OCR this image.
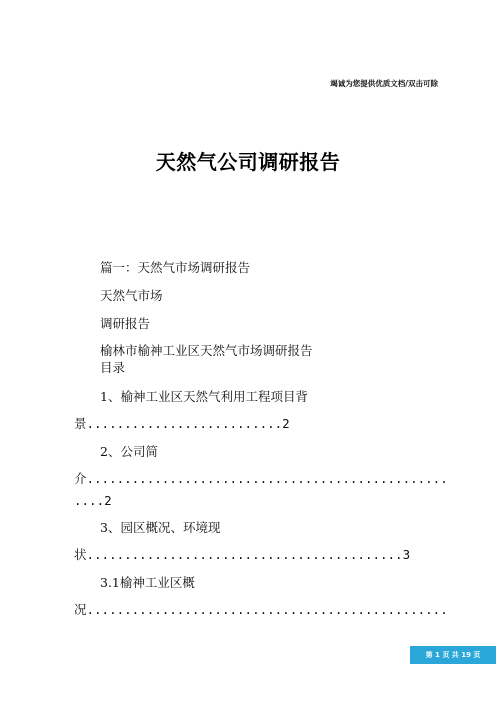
竭诚为您提供优质文档/双击可除
天然气公司调研报告
篇一：天然气市场调研报告
天然气市场
调研报告
榆林市榆神工业区天然气市场调研报告
目录
1、榆神工业区天然气利用工程项目背
景..........................2
2、公司简
介................................................
....2
3、园区概况、环境现
状..........................................3
3.1榆神工业区概
况................................................
第 1 页 共 19 页
